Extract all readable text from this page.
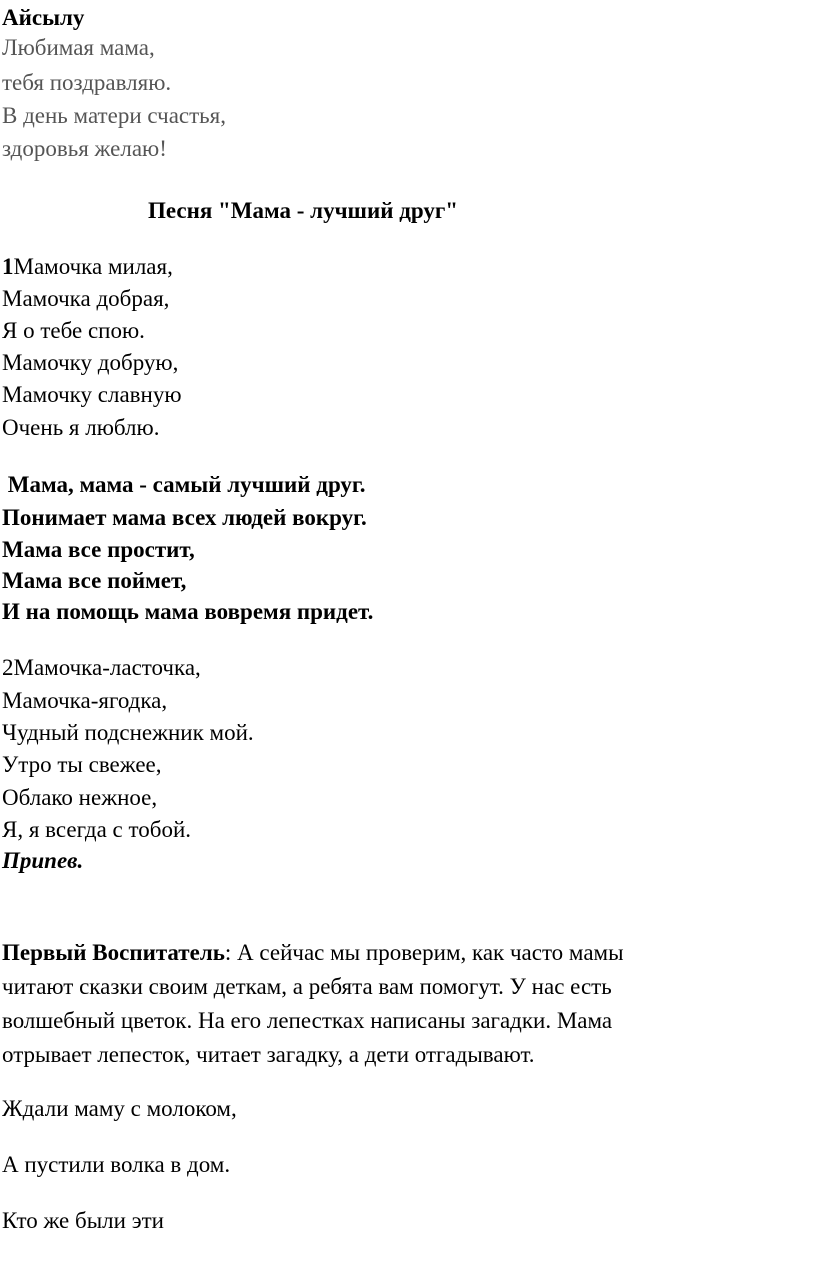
Айсылу
Любимая мама,
тебя поздравляю.
В день матери счастья,
здоровья желаю!
Песня "Мама - лучший друг"
1Мамочка милая,
Мамочка добрая,
Я о тебе спою.
Мамочку добрую,
Мамочку славную
Очень я люблю.
Мама, мама - самый лучший друг.
Понимает мама всех людей вокруг.
Мама все простит,
Мама все поймет,
И на помощь мама вовремя придет.
2Мамочка-ласточка,
Мамочка-ягодка,
Чудный подснежник мой.
Утро ты свежее,
Облако нежное,
Я, я всегда с тобой.
Припев.
Первый Воспитатель: А сейчас мы проверим, как часто мамы
читают сказки своим деткам, а ребята вам помогут. У нас есть
волшебный цветок. На его лепестках написаны загадки. Мама
отрывает лепесток, читает загадку, а дети отгадывают.
Ждали маму с молоком,
А пустили волка в дом.
Кто же были эти
